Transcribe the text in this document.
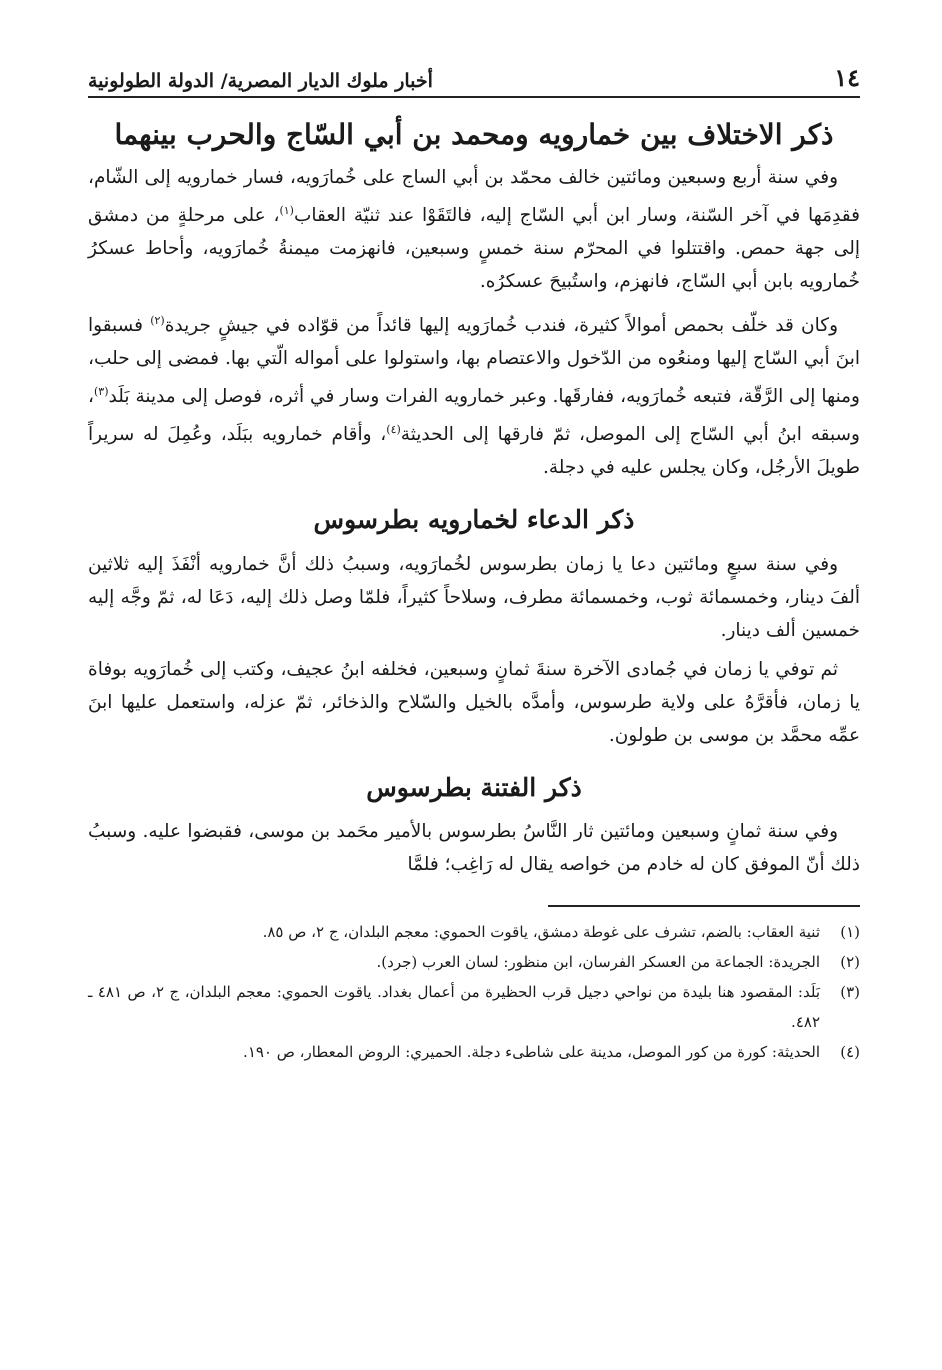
١٤
أخبار ملوك الديار المصرية/ الدولة الطولونية
ذكر الاختلاف بين خمارويه ومحمد بن أبي السّاج والحرب بينهما

وفي سنة أربع وسبعين ومائتين خالف محمّد بن أبي الساج على خُمارَويه، فسار خمارويه إلى الشّام، فقدِمَها في آخر السّنة، وسار ابن أبي السّاج إليه، فالتَقَوْا عند ثنيّة العقاب$^{(١)}$، على مرحلةٍ من دمشق إلى جهة حمص. واقتتلوا في المحرّم سنة خمسٍ وسبعين، فانهزمت ميمنةُ خُمارَويه، وأحاط عسكرُ خُمارويه بابن أبي السّاج، فانهزم، واستُبيحَ عسكرُه.

وكان قد خلّف بحمص أموالاً كثيرة، فندب خُمارَويه إليها قائداً من قوّاده في جيشٍ جريدة$^{(٢)}$ فسبقوا ابنَ أبي السّاج إليها ومنعُوه من الدّخول والاعتصام بها، واستولوا على أمواله الّتي بها. فمضى إلى حلب، ومنها إلى الرَّقّة، فتبعه خُمارَويه، ففارقَها. وعبر خمارويه الفرات وسار في أثره، فوصل إلى مدينة بَلَد$^{(٣)}$، وسبقه ابنُ أبي السّاج إلى الموصل، ثمّ فارقها إلى الحديثة$^{(٤)}$، وأقام خمارويه ببَلَد، وعُمِلَ له سريراً طويلَ الأرجُل، وكان يجلس عليه في دجلة.

ذكر الدعاء لخمارويه بطرسوس

وفي سنة سبعٍ ومائتين دعا يا زمان بطرسوس لخُمارَويه، وسببُ ذلك أنَّ خمارويه أنْفَذَ إليه ثلاثين ألفَ دينار، وخمسمائة ثوب، وخمسمائة مطرف، وسلاحاً كثيراً، فلمّا وصل ذلك إليه، دَعَا له، ثمّ وجَّه إليه خمسين ألف دينار.

ثم توفي يا زمان في جُمادى الآخرة سنةَ ثمانٍ وسبعين، فخلفه ابنُ عجيف، وكتب إلى خُمارَويه بوفاة يا زمان، فأقرَّهُ على ولاية طرسوس، وأمدَّه بالخيل والسّلاح والذخائر، ثمّ عزله، واستعمل عليها ابنَ عمِّه محمَّد بن موسى بن طولون.

ذكر الفتنة بطرسوس

وفي سنة ثمانٍ وسبعين ومائتين ثار النَّاسُ بطرسوس بالأمير محَمد بن موسى، فقبضوا عليه. وسببُ ذلك أنّ الموفق كان له خادم من خواصه يقال له رَاغِب؛ فلمَّا

(١)
ثنية العقاب: بالضم، تشرف على غوطة دمشق، ياقوت الحموي: معجم البلدان، ج ٢، ص ٨٥.
(٢)
الجريدة: الجماعة من العسكر الفرسان، ابن منظور: لسان العرب (جرد).
(٣)
بَلَد: المقصود هنا بليدة من نواحي دجيل قرب الحظيرة من أعمال بغداد. ياقوت الحموي: معجم البلدان، ج ٢، ص ٤٨١ ـ ٤٨٢.
(٤)
الحديثة: كورة من كور الموصل، مدينة على شاطىء دجلة. الحميري: الروض المعطار، ص ١٩٠.
